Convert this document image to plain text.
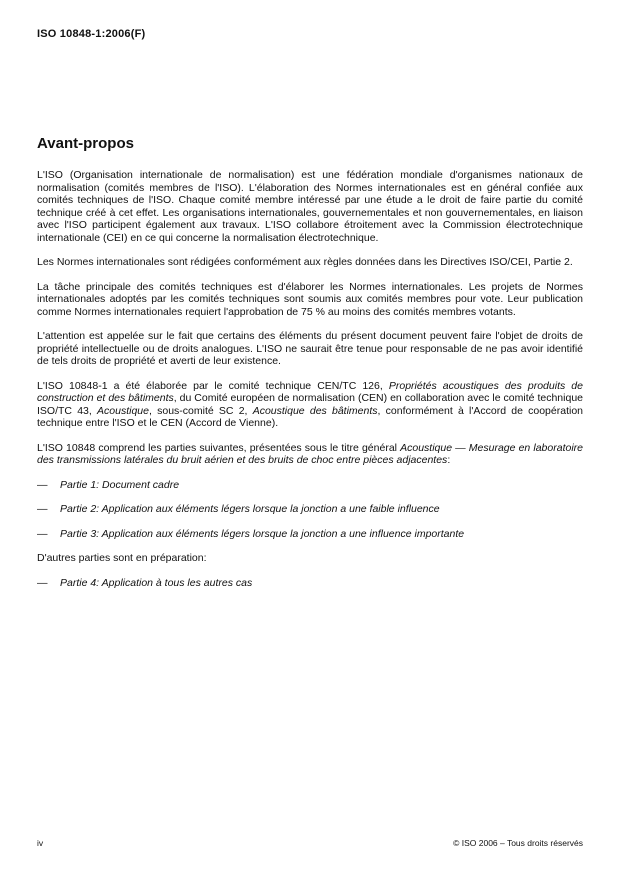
ISO 10848-1:2006(F)
Avant-propos
L'ISO (Organisation internationale de normalisation) est une fédération mondiale d'organismes nationaux de normalisation (comités membres de l'ISO). L'élaboration des Normes internationales est en général confiée aux comités techniques de l'ISO. Chaque comité membre intéressé par une étude a le droit de faire partie du comité technique créé à cet effet. Les organisations internationales, gouvernementales et non gouvernementales, en liaison avec l'ISO participent également aux travaux. L'ISO collabore étroitement avec la Commission électrotechnique internationale (CEI) en ce qui concerne la normalisation électrotechnique.
Les Normes internationales sont rédigées conformément aux règles données dans les Directives ISO/CEI, Partie 2.
La tâche principale des comités techniques est d'élaborer les Normes internationales. Les projets de Normes internationales adoptés par les comités techniques sont soumis aux comités membres pour vote. Leur publication comme Normes internationales requiert l'approbation de 75 % au moins des comités membres votants.
L'attention est appelée sur le fait que certains des éléments du présent document peuvent faire l'objet de droits de propriété intellectuelle ou de droits analogues. L'ISO ne saurait être tenue pour responsable de ne pas avoir identifié de tels droits de propriété et averti de leur existence.
L'ISO 10848-1 a été élaborée par le comité technique CEN/TC 126, Propriétés acoustiques des produits de construction et des bâtiments, du Comité européen de normalisation (CEN) en collaboration avec le comité technique ISO/TC 43, Acoustique, sous-comité SC 2, Acoustique des bâtiments, conformément à l'Accord de coopération technique entre l'ISO et le CEN (Accord de Vienne).
L'ISO 10848 comprend les parties suivantes, présentées sous le titre général Acoustique — Mesurage en laboratoire des transmissions latérales du bruit aérien et des bruits de choc entre pièces adjacentes:
—	Partie 1: Document cadre
—	Partie 2: Application aux éléments légers lorsque la jonction a une faible influence
—	Partie 3: Application aux éléments légers lorsque la jonction a une influence importante
D'autres parties sont en préparation:
—	Partie 4: Application à tous les autres cas
iv	© ISO 2006 – Tous droits réservés
